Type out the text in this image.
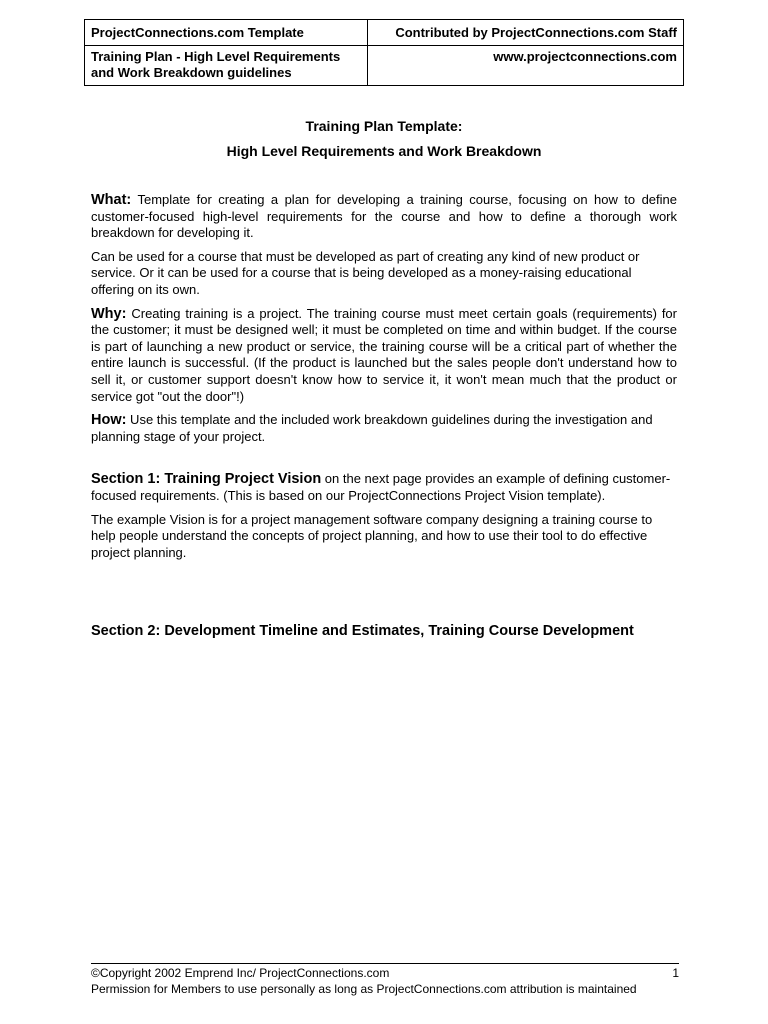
ProjectConnections.com Template	Contributed by ProjectConnections.com Staff
Training Plan - High Level Requirements and Work Breakdown guidelines	www.projectconnections.com
Training Plan Template:
High Level Requirements and Work Breakdown

What: Template for creating a plan for developing a training course, focusing on how to define customer-focused high-level requirements for the course and how to define a thorough work breakdown for developing it.

Can be used for a course that must be developed as part of creating any kind of new product or service. Or it can be used for a course that is being developed as a money-raising educational offering on its own.

Why: Creating training is a project. The training course must meet certain goals (requirements) for the customer; it must be designed well; it must be completed on time and within budget. If the course is part of launching a new product or service, the training course will be a critical part of whether the entire launch is successful. (If the product is launched but the sales people don't understand how to sell it, or customer support doesn't know how to service it, it won't mean much that the product or service got "out the door"!)

How: Use this template and the included work breakdown guidelines during the investigation and planning stage of your project.

Section 1: Training Project Vision on the next page provides an example of defining customer-focused requirements. (This is based on our ProjectConnections Project Vision template).

The example Vision is for a project management software company designing a training course to help people understand the concepts of project planning, and how to use their tool to do effective project planning.

Section 2: Development Timeline and Estimates, Training Course Development
©Copyright 2002 Emprend Inc/ ProjectConnections.com	1
Permission for Members to use personally as long as ProjectConnections.com attribution is maintained
